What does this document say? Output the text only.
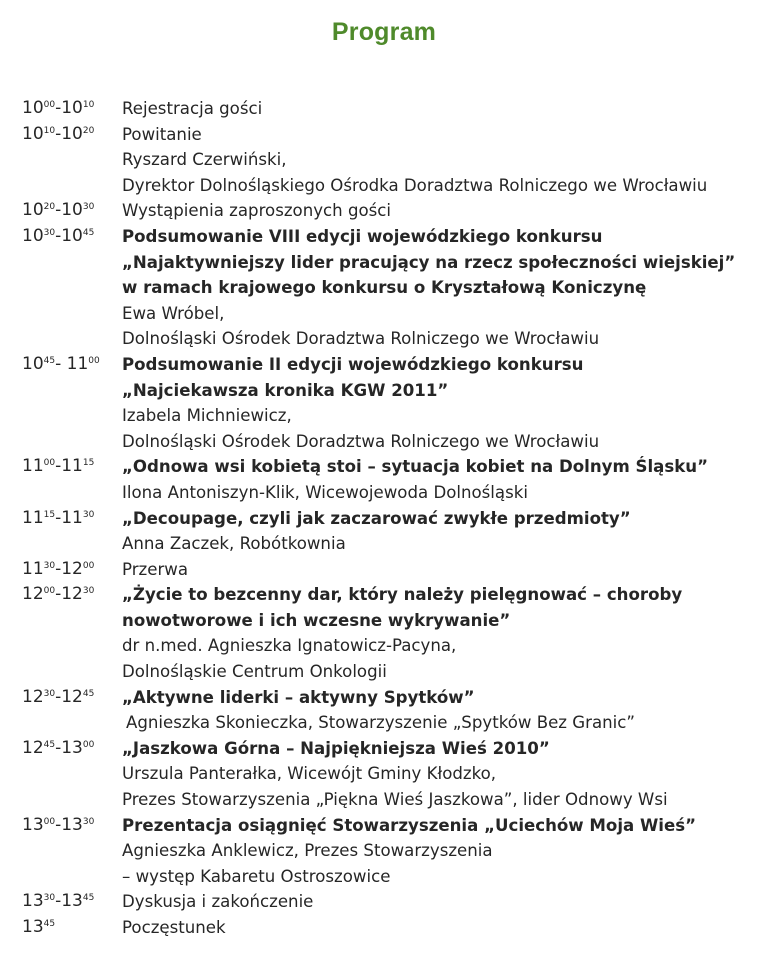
Program
$10^{00}-10^{10}$	Rejestracja gości
$10^{10}-10^{20}$	Powitanie
Ryszard Czerwiński,
Dyrektor Dolnośląskiego Ośrodka Doradztwa Rolniczego we Wrocławiu
$10^{20}-10^{30}$	Wystąpienia zaproszonych gości
$10^{30}-10^{45}$	Podsumowanie VIII edycji wojewódzkiego konkursu
„Najaktywniejszy lider pracujący na rzecz społeczności wiejskiej”
w ramach krajowego konkursu o Kryształową Koniczynę
Ewa Wróbel,
Dolnośląski Ośrodek Doradztwa Rolniczego we Wrocławiu
$10^{45}-$ $11^{00}$	Podsumowanie II edycji wojewódzkiego konkursu
„Najciekawsza kronika KGW 2011”
Izabela Michniewicz,
Dolnośląski Ośrodek Doradztwa Rolniczego we Wrocławiu
$11^{00}-11^{15}$	„Odnowa wsi kobietą stoi – sytuacja kobiet na Dolnym Śląsku”
Ilona Antoniszyn-Klik, Wicewojewoda Dolnośląski
$11^{15}-11^{30}$	„Decoupage, czyli jak zaczarować zwykłe przedmioty”
Anna Zaczek, Robótkownia
$11^{30}-12^{00}$	Przerwa
$12^{00}-12^{30}$	„Życie to bezcenny dar, który należy pielęgnować – choroby
nowotworowe i ich wczesne wykrywanie”
dr n.med. Agnieszka Ignatowicz-Pacyna,
Dolnośląskie Centrum Onkologii
$12^{30}-12^{45}$	„Aktywne liderki – aktywny Spytków”
Agnieszka Skonieczka, Stowarzyszenie „Spytków Bez Granic”
$12^{45}-13^{00}$	„Jaszkowa Górna – Najpiękniejsza Wieś 2010”
Urszula Panterałka, Wicewójt Gminy Kłodzko,
Prezes Stowarzyszenia „Piękna Wieś Jaszkowa”, lider Odnowy Wsi
$13^{00}-13^{30}$	Prezentacja osiągnięć Stowarzyszenia „Uciechów Moja Wieś”
Agnieszka Anklewicz, Prezes Stowarzyszenia
– występ Kabaretu Ostroszowice
$13^{30}-13^{45}$	Dyskusja i zakończenie
$13^{45}$	Poczęstunek
